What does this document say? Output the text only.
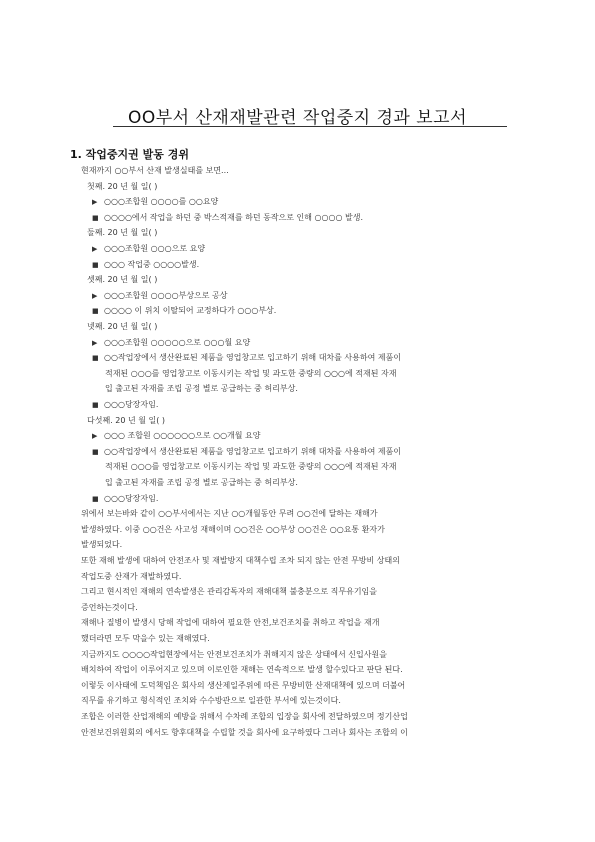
OO부서 산재재발관련 작업중지 경과 보고서
1. 작업중지권 발동 경위
현재까지 ○○부서 산재 발생실태를 보면...
첫째. 20 년 월 일( )
▶ ○○○조합원 ○○○○를 ○○요양
■ ○○○○에서 작업을 하던 중 박스적재를 하던 동작으로 인해 ○○○○ 발생.
둘째. 20 년 월 일( )
▶ ○○○조합원 ○○○으로 요양
■ ○○○ 작업중 ○○○○발생.
셋째. 20 년 월 일( )
▶ ○○○조합원 ○○○○부상으로 공상
■ ○○○○ 이 위치 이탈되어 교정하다가 ○○○부상.
넷째. 20 년 월 일( )
▶ ○○○조합원 ○○○○○으로 ○○○월 요양
■ ○○작업장에서 생산완료된 제품을 영업창고로 입고하기 위해 대차를 사용하여 제품이
적재된 ○○○를 영업창고로 이동시키는 작업 및 과도한 중량의 ○○○에 적재된 자재
입 출고된 자재를 조립 공정 별로 공급하는 중 허리부상.
■ ○○○당장자임.
다섯째. 20 년 월 일( )
▶ ○○○ 조합원 ○○○○○○으로 ○○개월 요양
■ ○○작업장에서 생산완료된 제품을 영업창고로 입고하기 위해 대차를 사용하여 제품이
적재된 ○○○를 영업창고로 이동시키는 작업 및 과도한 중량의 ○○○에 적재된 자재
입 출고된 자재를 조립 공정 별로 공급하는 중 허리부상.
■ ○○○당장자임.
위에서 보는바와 같이 ○○부서에서는 지난 ○○개월동안 무려 ○○건에 달하는 재해가
발생하였다. 이중 ○○건은 사고성 재해이며 ○○건은 ○○부상 ○○건은 ○○요통 환자가
발생되었다.
또한 재해 발생에 대하여 안전조사 및 재발방지 대책수립 조차 되지 않는 안전 무방비 상태의
작업도중 산재가 재발하였다.
그리고 현시적인 재해의 연속발생은 관리감독자의 재해대책 불충분으로 직무유기임을
증언하는것이다.
재해나 질병이 발생시 당해 작업에 대하여 필요한 안전,보건조치를 취하고 작업을 재개
했더라면 모두 막을수 있는 재해였다.
지금까지도 ○○○○작업현장에서는 안전보건조치가 취해지지 않은 상태에서 신입사원을
배치하여 작업이 이루어지고 있으며 이로인한 재해는 연속적으로 발생 할수있다고 판단 된다.
이렇듯 이사태에 도덕책임은 회사의 생산제일주위에 따른 무방비한 산재대책에 있으며 더불어
직무를 유기하고 형식적인 조치와 수수방관으로 일관한 부서에 있는것이다.
조합은 이러한 산업재해의 예방을 위해서 수차례 조합의 입장을 회사에 전달하였으며 정기산업
안전보건위원회의 에서도 향후대책을 수립할 것을 회사에 요구하였다 그러나 회사는 조합의 이
